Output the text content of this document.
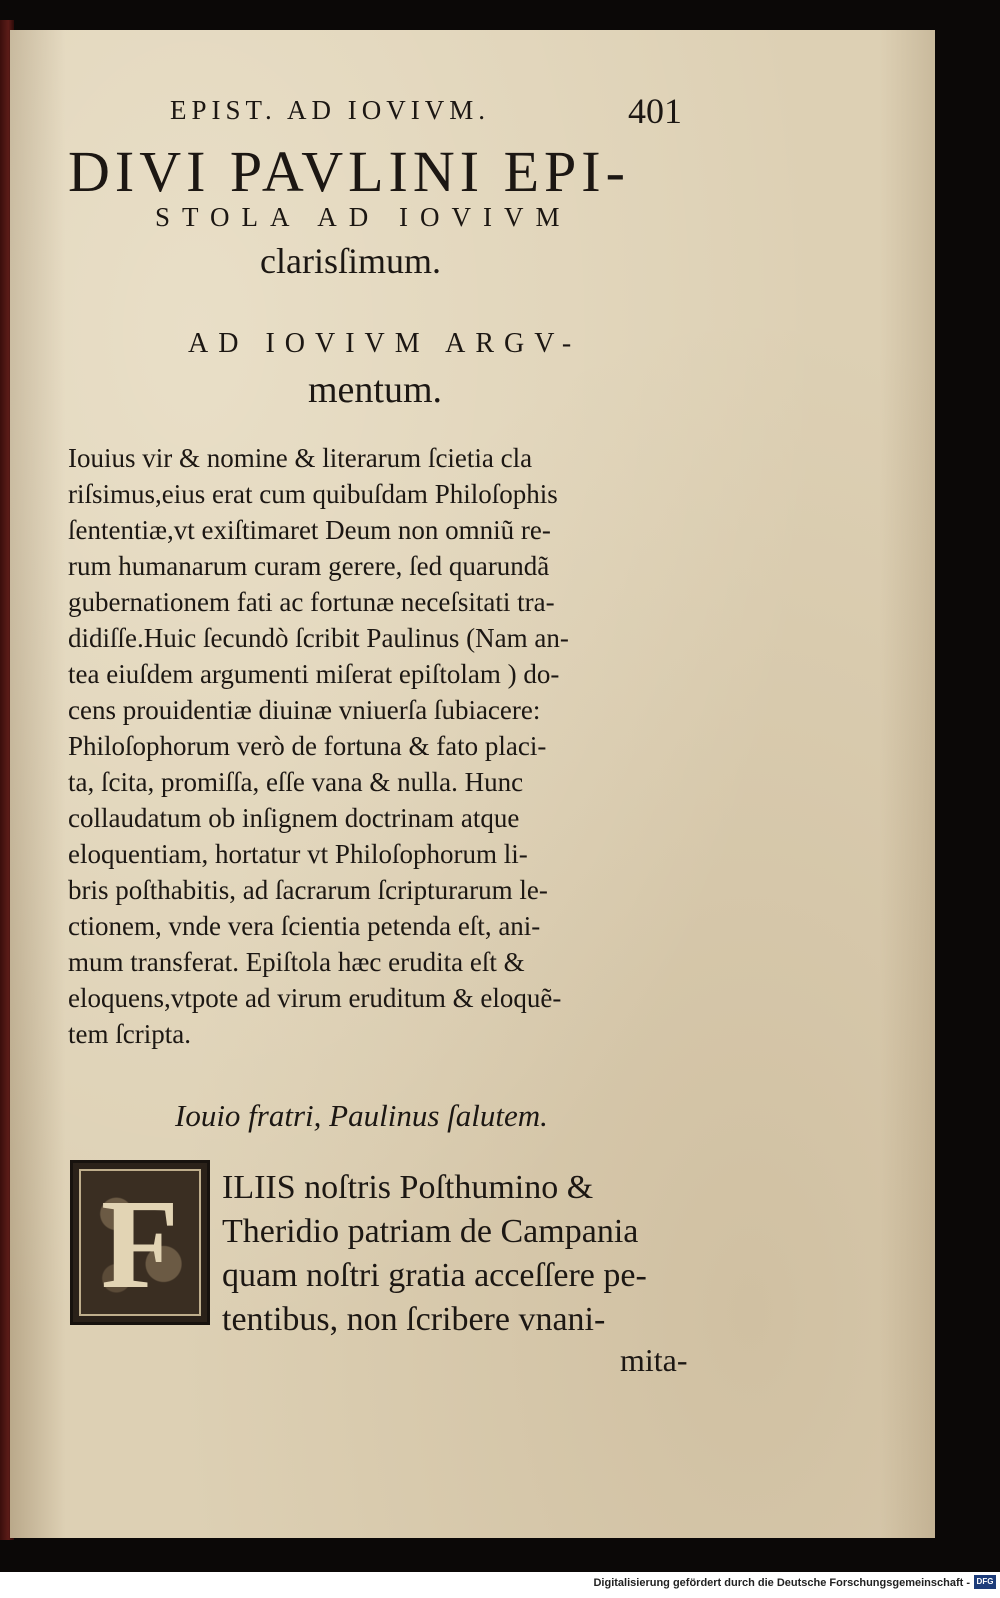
EPIST. AD IOVIVM.	401
DIVI PAVLINI EPI-
STOLA AD IOVIVM
clarisſimum.
AD IOVIVM ARGV-
mentum.
Iouius vir & nomine & literarum ſcietia cla
riſsimus,eius erat cum quibuſdam Philoſophis
ſententiæ,vt exiſtimaret Deum non omniũ re-
rum humanarum curam gerere, ſed quarundã
gubernationem fati ac fortunæ neceſsitati tra-
didiſſe.Huic ſecundò ſcribit Paulinus (Nam an-
tea eiuſdem argumenti miſerat epiſtolam ) do-
cens prouidentiæ diuinæ vniuerſa ſubiacere:
Philoſophorum verò de fortuna & fato placi-
ta, ſcita, promiſſa, eſſe vana & nulla. Hunc
collaudatum ob inſignem doctrinam atque
eloquentiam, hortatur vt Philoſophorum li-
bris poſthabitis, ad ſacrarum ſcripturarum le-
ctionem, vnde vera ſcientia petenda eſt, ani-
mum transferat. Epiſtola hæc erudita eſt &
eloquens,vtpote ad virum eruditum & eloquẽ-
tem ſcripta.
Iouio fratri, Paulinus ſalutem.
F	ILIIS noſtris Poſthumino &
Theridio patriam de Campania
quam noſtri gratia acceſſere pe-
tentibus, non ſcribere vnani-
mita-
Digitalisierung gefördert durch die Deutsche Forschungsgemeinschaft - DFG
